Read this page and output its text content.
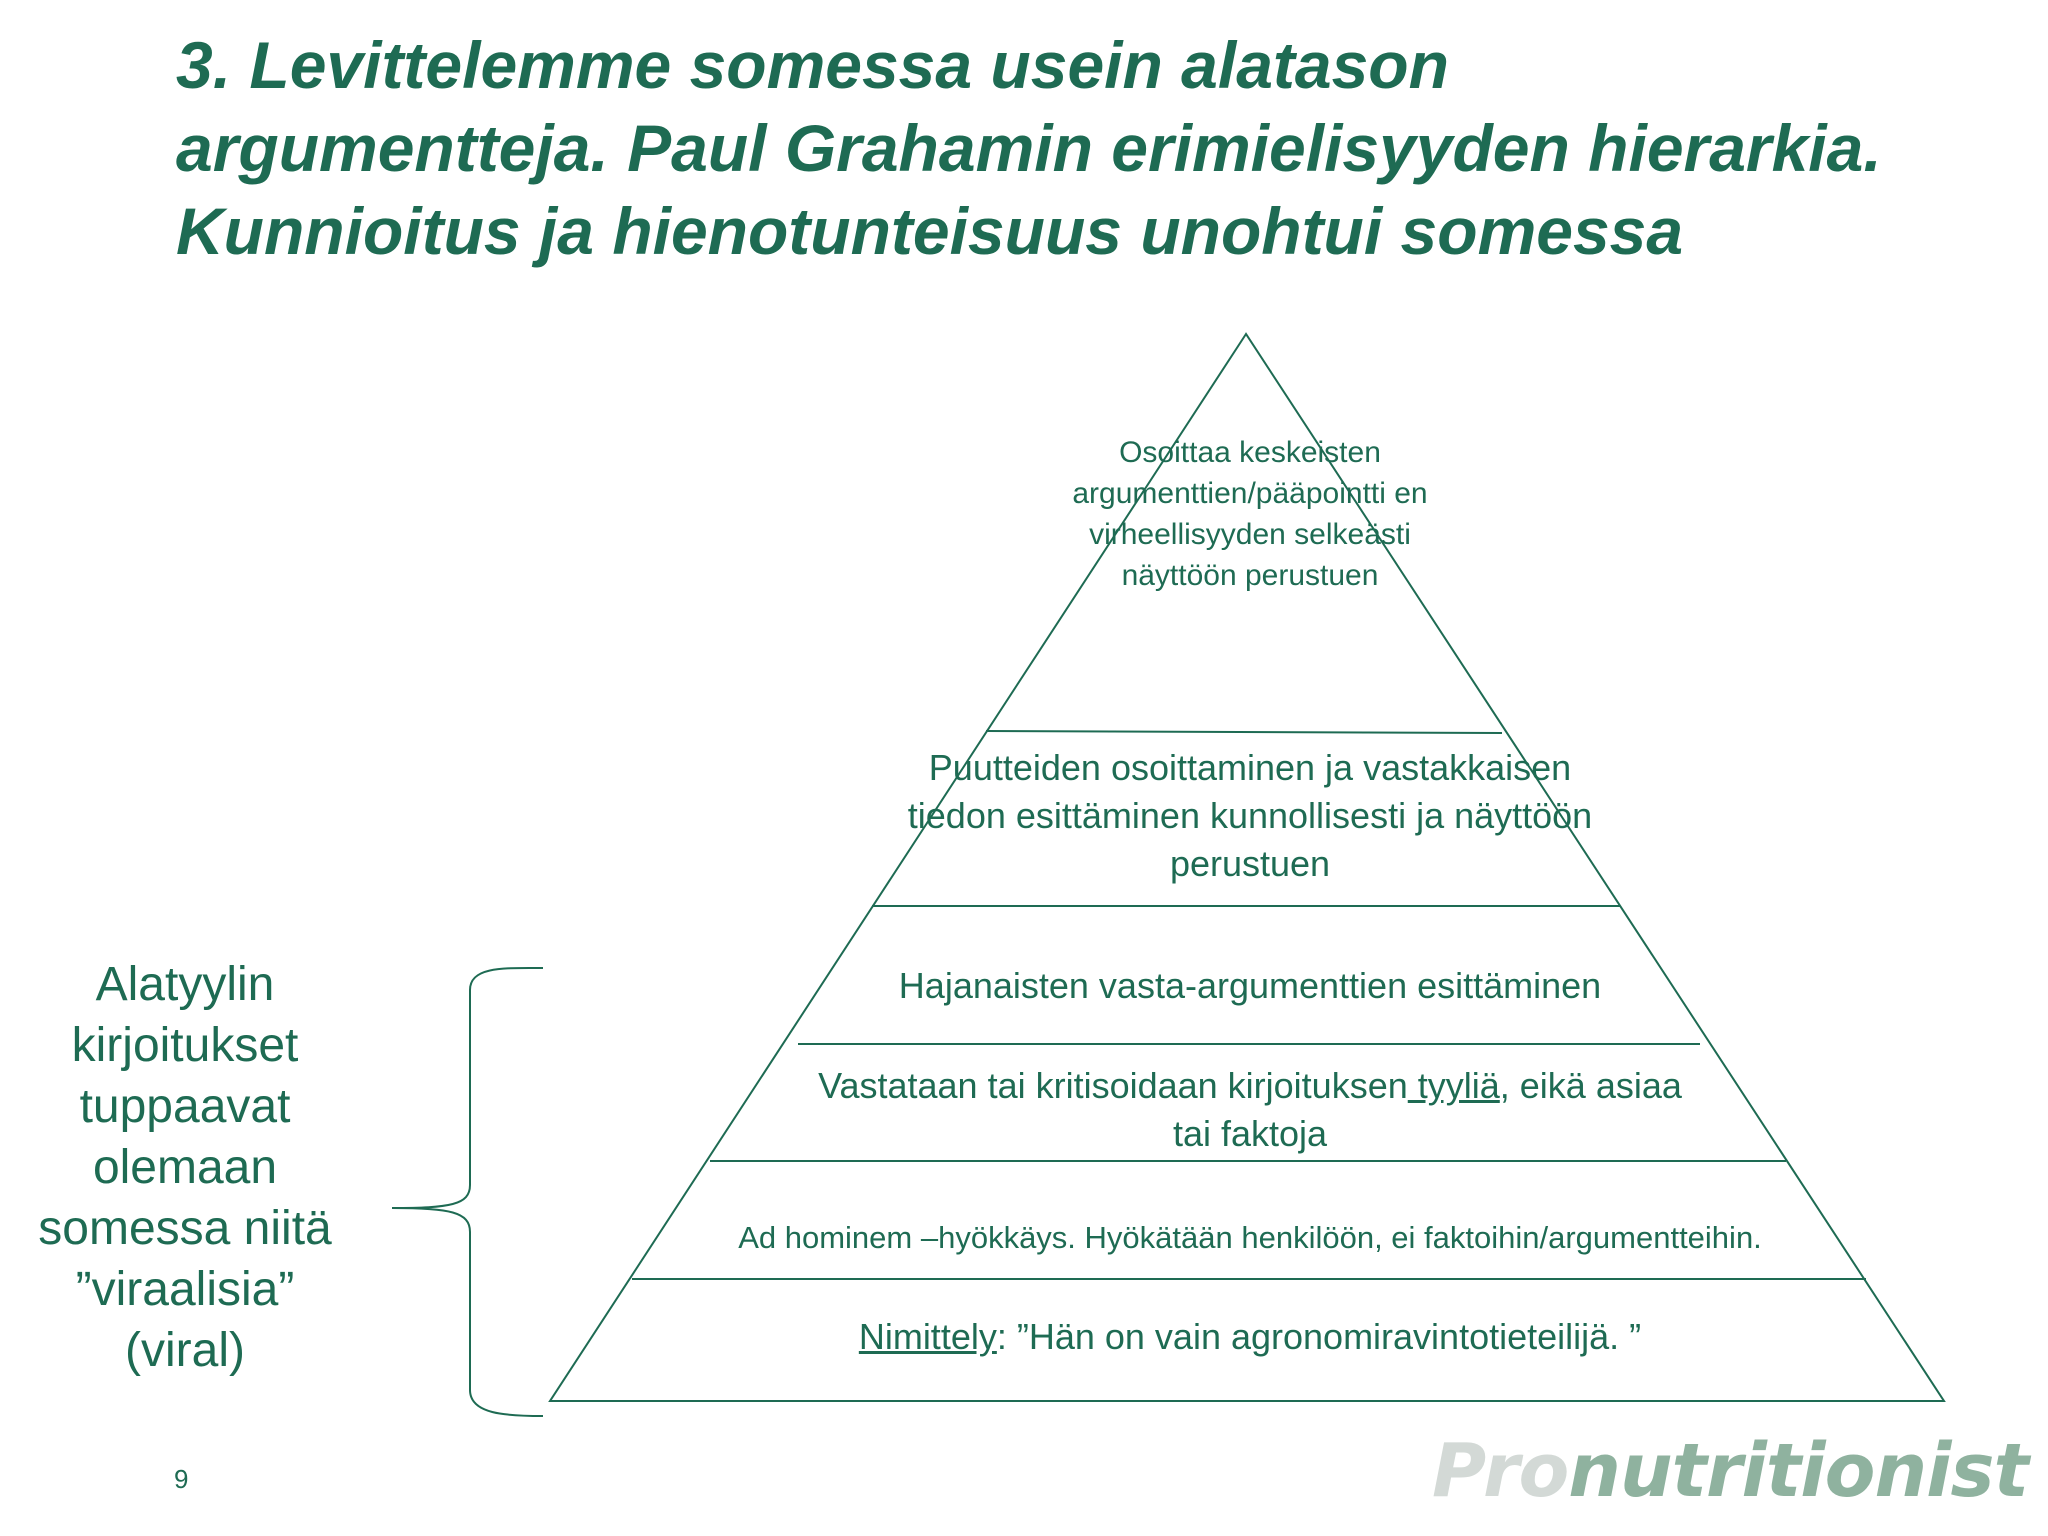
3. Levittelemme somessa usein alatason argumentteja. Paul Grahamin erimielisyyden hierarkia. Kunnioitus ja hienotunteisuus unohtui somessa

Osoittaa keskeisten argumenttien/pääpointti en virheellisyyden selkeästi näyttöön perustuen

Puutteiden osoittaminen ja vastakkaisen tiedon esittäminen kunnollisesti ja näyttöön perustuen

Hajanaisten vasta-argumenttien esittäminen

Vastataan tai kritisoidaan kirjoituksen tyyliä, eikä asiaa tai faktoja

Ad hominem –hyökkäys. Hyökätään henkilöön, ei faktoihin/argumentteihin.

Nimittely: ”Hän on vain agronomiravintotieteilijä. ”

Alatyylin kirjoitukset tuppaavat olemaan somessa niitä ”viraalisia” (viral)

9	Pronutritionist
